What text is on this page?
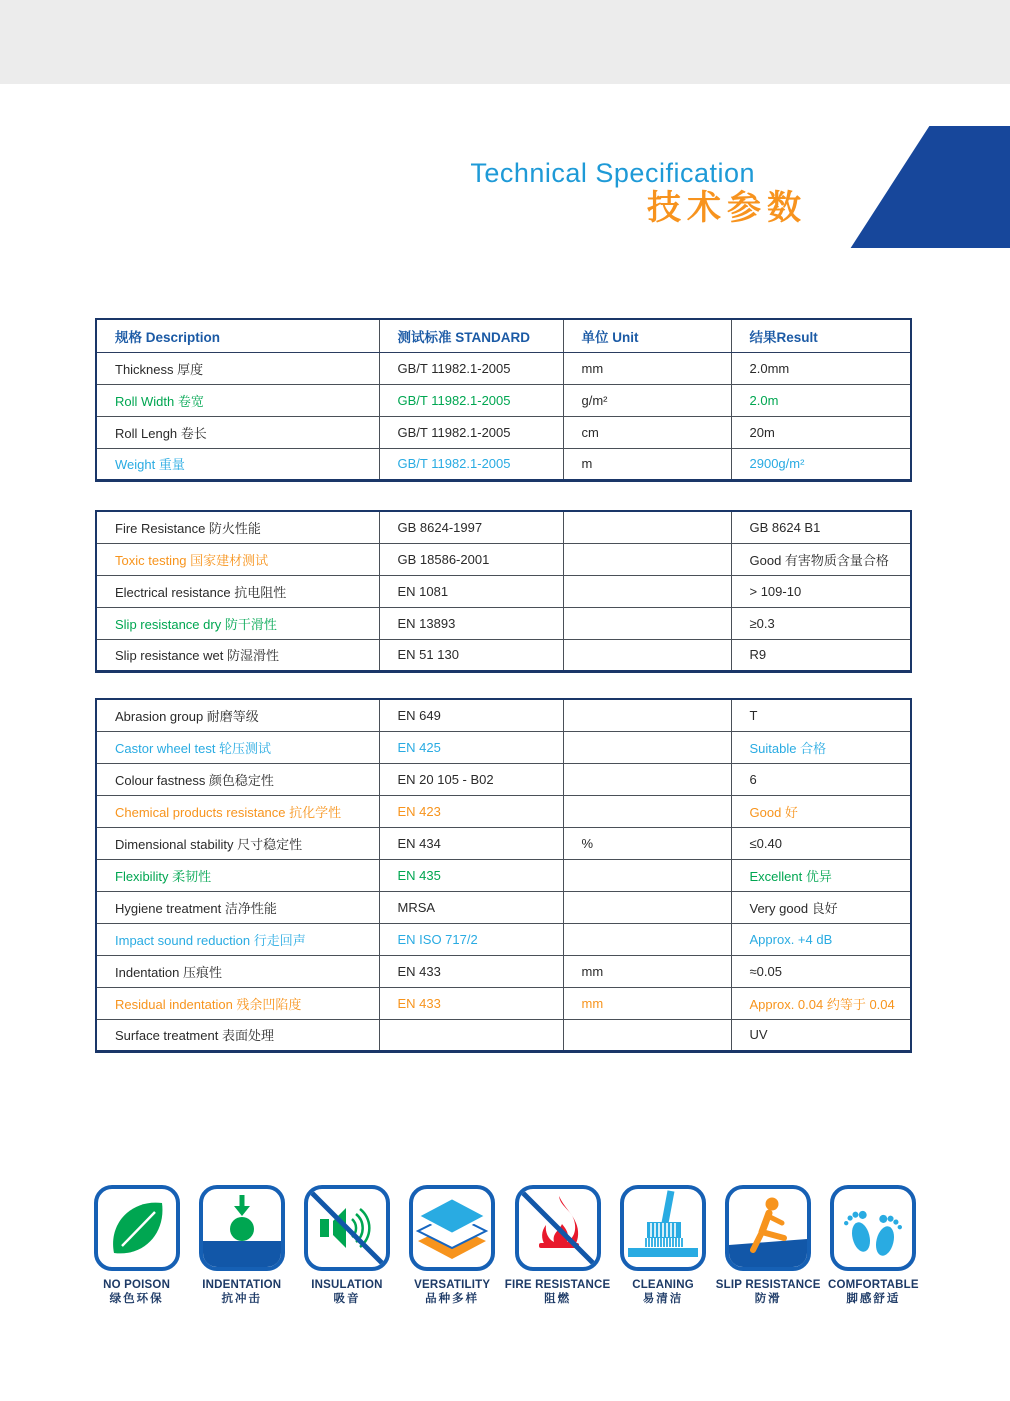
Technical Specification
技术参数
规格 Description	测试标准 STANDARD	单位 Unit	结果Result
Thickness 厚度	GB/T 11982.1-2005	mm	2.0mm
Roll Width 卷宽	GB/T 11982.1-2005	g/m²	2.0m
Roll Lengh 卷长	GB/T 11982.1-2005	cm	20m
Weight 重量	GB/T 11982.1-2005	m	2900g/m²
Fire Resistance 防火性能	GB 8624-1997		GB 8624 B1
Toxic testing 国家建材测试	GB 18586-2001		Good 有害物质含量合格
Electrical resistance 抗电阻性	EN 1081		> 109-10
Slip resistance dry 防干滑性	EN 13893		≥0.3
Slip resistance wet 防湿滑性	EN 51 130		R9
Abrasion group 耐磨等级	EN 649		T
Castor wheel test 轮压测试	EN 425		Suitable 合格
Colour fastness 颜色稳定性	EN 20 105 - B02		6
Chemical products resistance 抗化学性	EN 423		Good 好
Dimensional stability 尺寸稳定性	EN 434	%	≤0.40
Flexibility 柔韧性	EN 435		Excellent 优异
Hygiene treatment 洁净性能	MRSA		Very good 良好
Impact sound reduction 行走回声	EN ISO 717/2		Approx. +4 dB
Indentation 压痕性	EN 433	mm	≈0.05
Residual indentation 残余凹陷度	EN 433	mm	Approx. 0.04 约等于 0.04
Surface treatment 表面处理			UV
NO POISON
绿色环保
INDENTATION
抗冲击
INSULATION
吸音
VERSATILITY
品种多样
FIRE RESISTANCE
阻燃
CLEANING
易清洁
SLIP RESISTANCE
防滑
COMFORTABLE
脚感舒适
